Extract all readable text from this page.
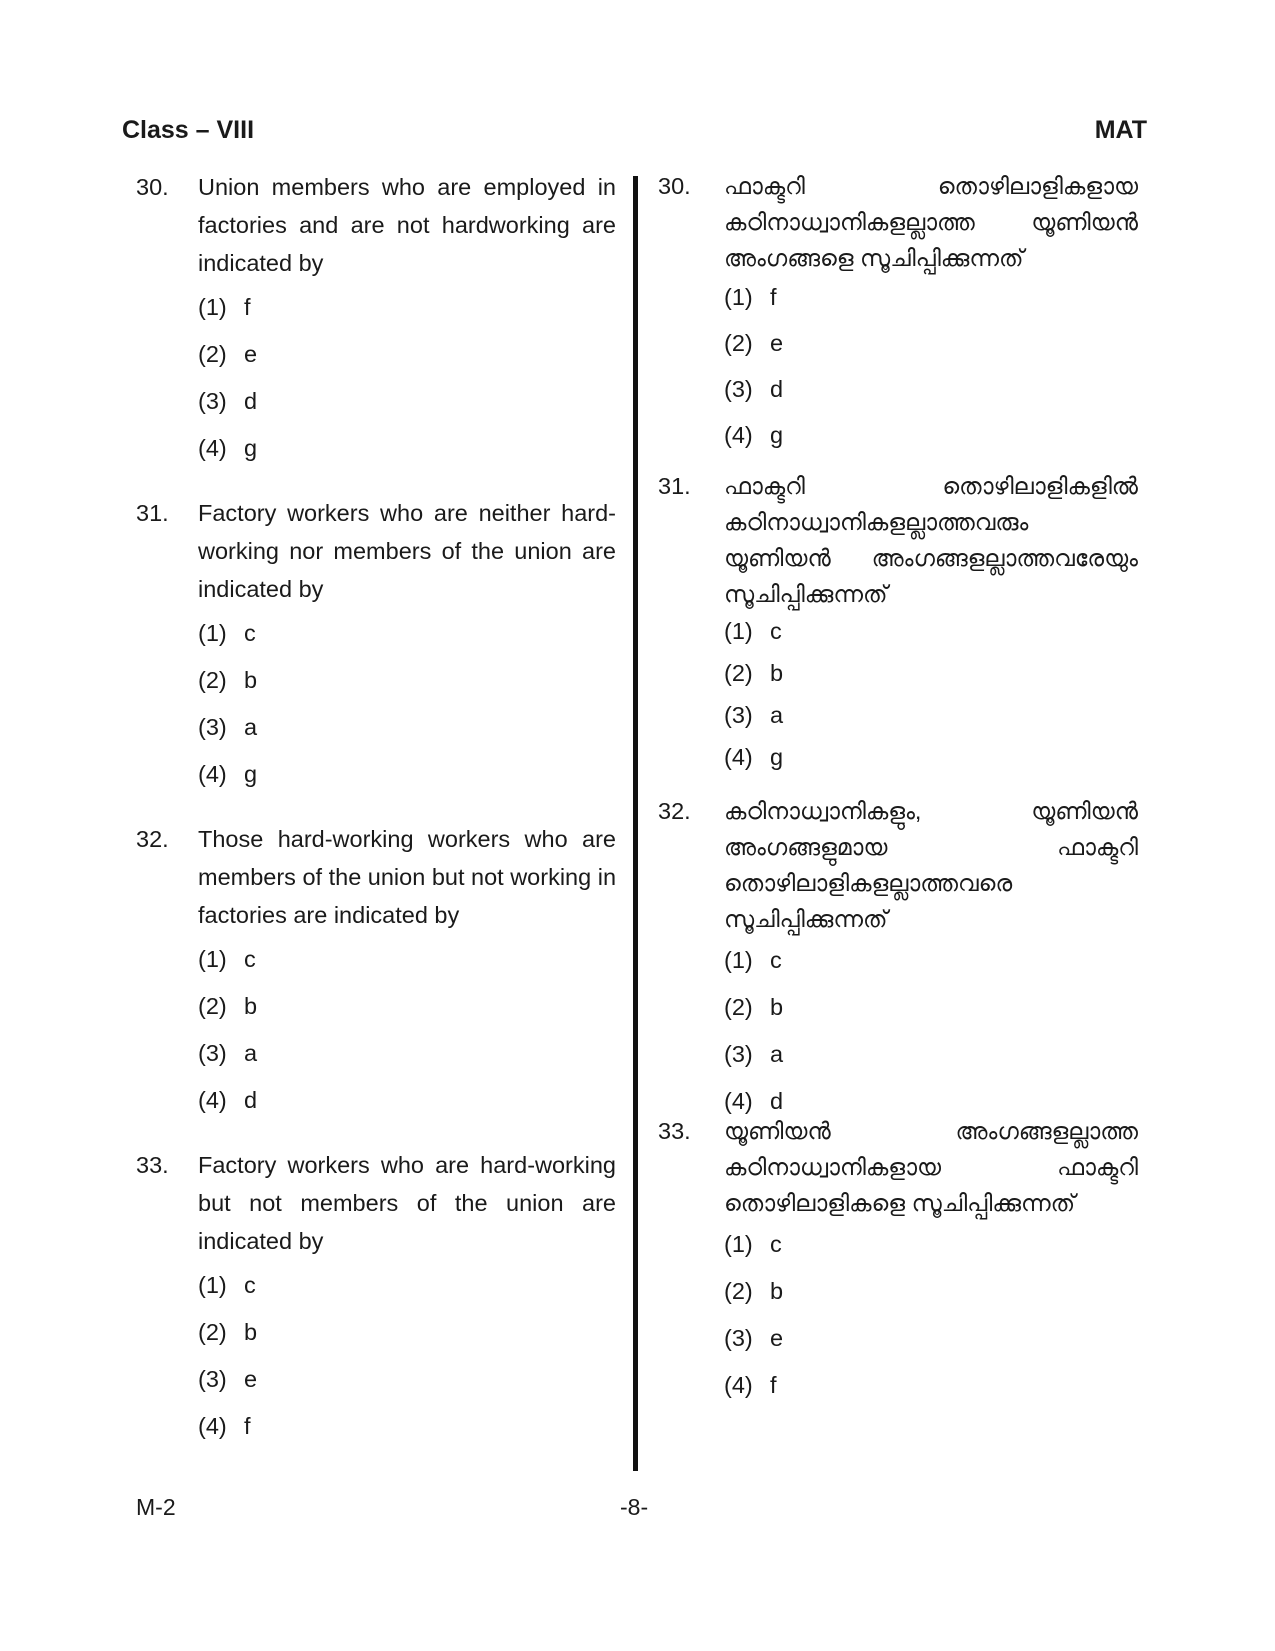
Class – VIII	MAT
30.	Union members who are employed in factories and are not hardworking are indicated by
(1) f
(2) e
(3) d
(4) g
31.	Factory workers who are neither hard-working nor members of the union are indicated by
(1) c
(2) b
(3) a
(4) g
32.	Those hard-working workers who are members of the union but not working in factories are indicated by
(1) c
(2) b
(3) a
(4) d
33.	Factory workers who are hard-working but not members of the union are indicated by
(1) c
(2) b
(3) e
(4) f
30.	ഫാക്ടറി തൊഴിലാളികളായ കഠിനാധ്വാനികളല്ലാത്ത യൂണിയൻ അംഗങ്ങളെ സൂചിപ്പിക്കുന്നത്
(1) f
(2) e
(3) d
(4) g
31.	ഫാക്ടറി തൊഴിലാളികളിൽ കഠിനാധ്വാനികളല്ലാത്തവരും യൂണിയൻ അംഗങ്ങളല്ലാത്തവരേയും സൂചിപ്പിക്കുന്നത്
(1) c
(2) b
(3) a
(4) g
32.	കഠിനാധ്വാനികളും, യൂണിയൻ അംഗങ്ങളുമായ ഫാക്ടറി തൊഴിലാളികളല്ലാത്തവരെ സൂചിപ്പിക്കുന്നത്
(1) c
(2) b
(3) a
(4) d
33.	യൂണിയൻ അംഗങ്ങളല്ലാത്ത കഠിനാധ്വാനികളായ ഫാക്ടറി തൊഴിലാളികളെ സൂചിപ്പിക്കുന്നത്
(1) c
(2) b
(3) e
(4) f
M-2	-8-
